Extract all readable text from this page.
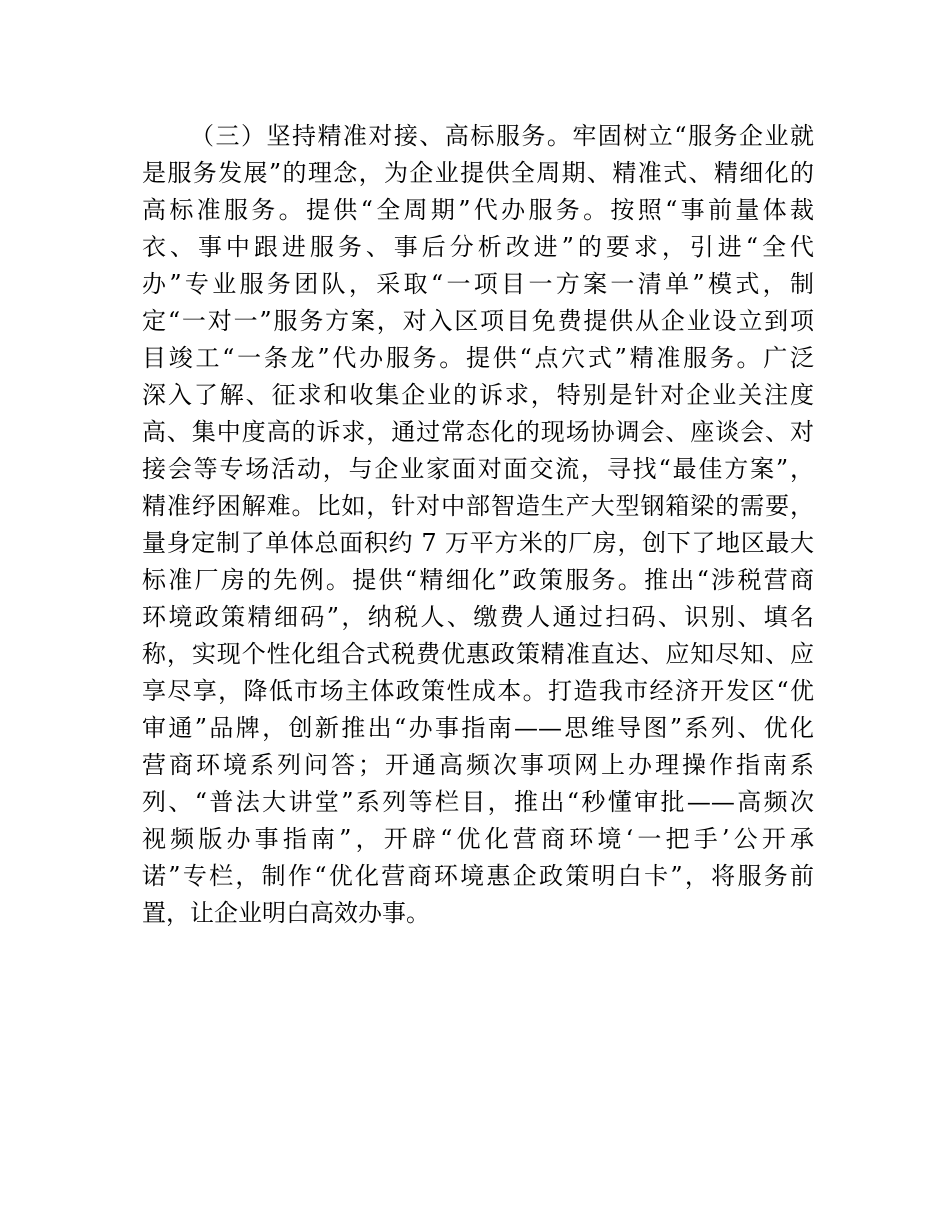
（三）坚持精准对接、高标服务。牢固树立“服务企业就
是服务发展”的理念，为企业提供全周期、精准式、精细化的
高标准服务。提供“全周期”代办服务。按照“事前量体裁
衣、事中跟进服务、事后分析改进”的要求，引进“全代
办”专业服务团队，采取“一项目一方案一清单”模式，制
定“一对一”服务方案，对入区项目免费提供从企业设立到项
目竣工“一条龙”代办服务。提供“点穴式”精准服务。广泛
深入了解、征求和收集企业的诉求，特别是针对企业关注度
高、集中度高的诉求，通过常态化的现场协调会、座谈会、对
接会等专场活动，与企业家面对面交流，寻找“最佳方案”，
精准纾困解难。比如，针对中部智造生产大型钢箱梁的需要，
量身定制了单体总面积约 7 万平方米的厂房，创下了地区最大
标准厂房的先例。提供“精细化”政策服务。推出“涉税营商
环境政策精细码”，纳税人、缴费人通过扫码、识别、填名
称，实现个性化组合式税费优惠政策精准直达、应知尽知、应
享尽享，降低市场主体政策性成本。打造我市经济开发区“优
审通”品牌，创新推出“办事指南——思维导图”系列、优化
营商环境系列问答；开通高频次事项网上办理操作指南系
列、“普法大讲堂”系列等栏目，推出“秒懂审批——高频次
视频版办事指南”，开辟“优化营商环境‘一把手’公开承
诺”专栏，制作“优化营商环境惠企政策明白卡”，将服务前
置，让企业明白高效办事。
